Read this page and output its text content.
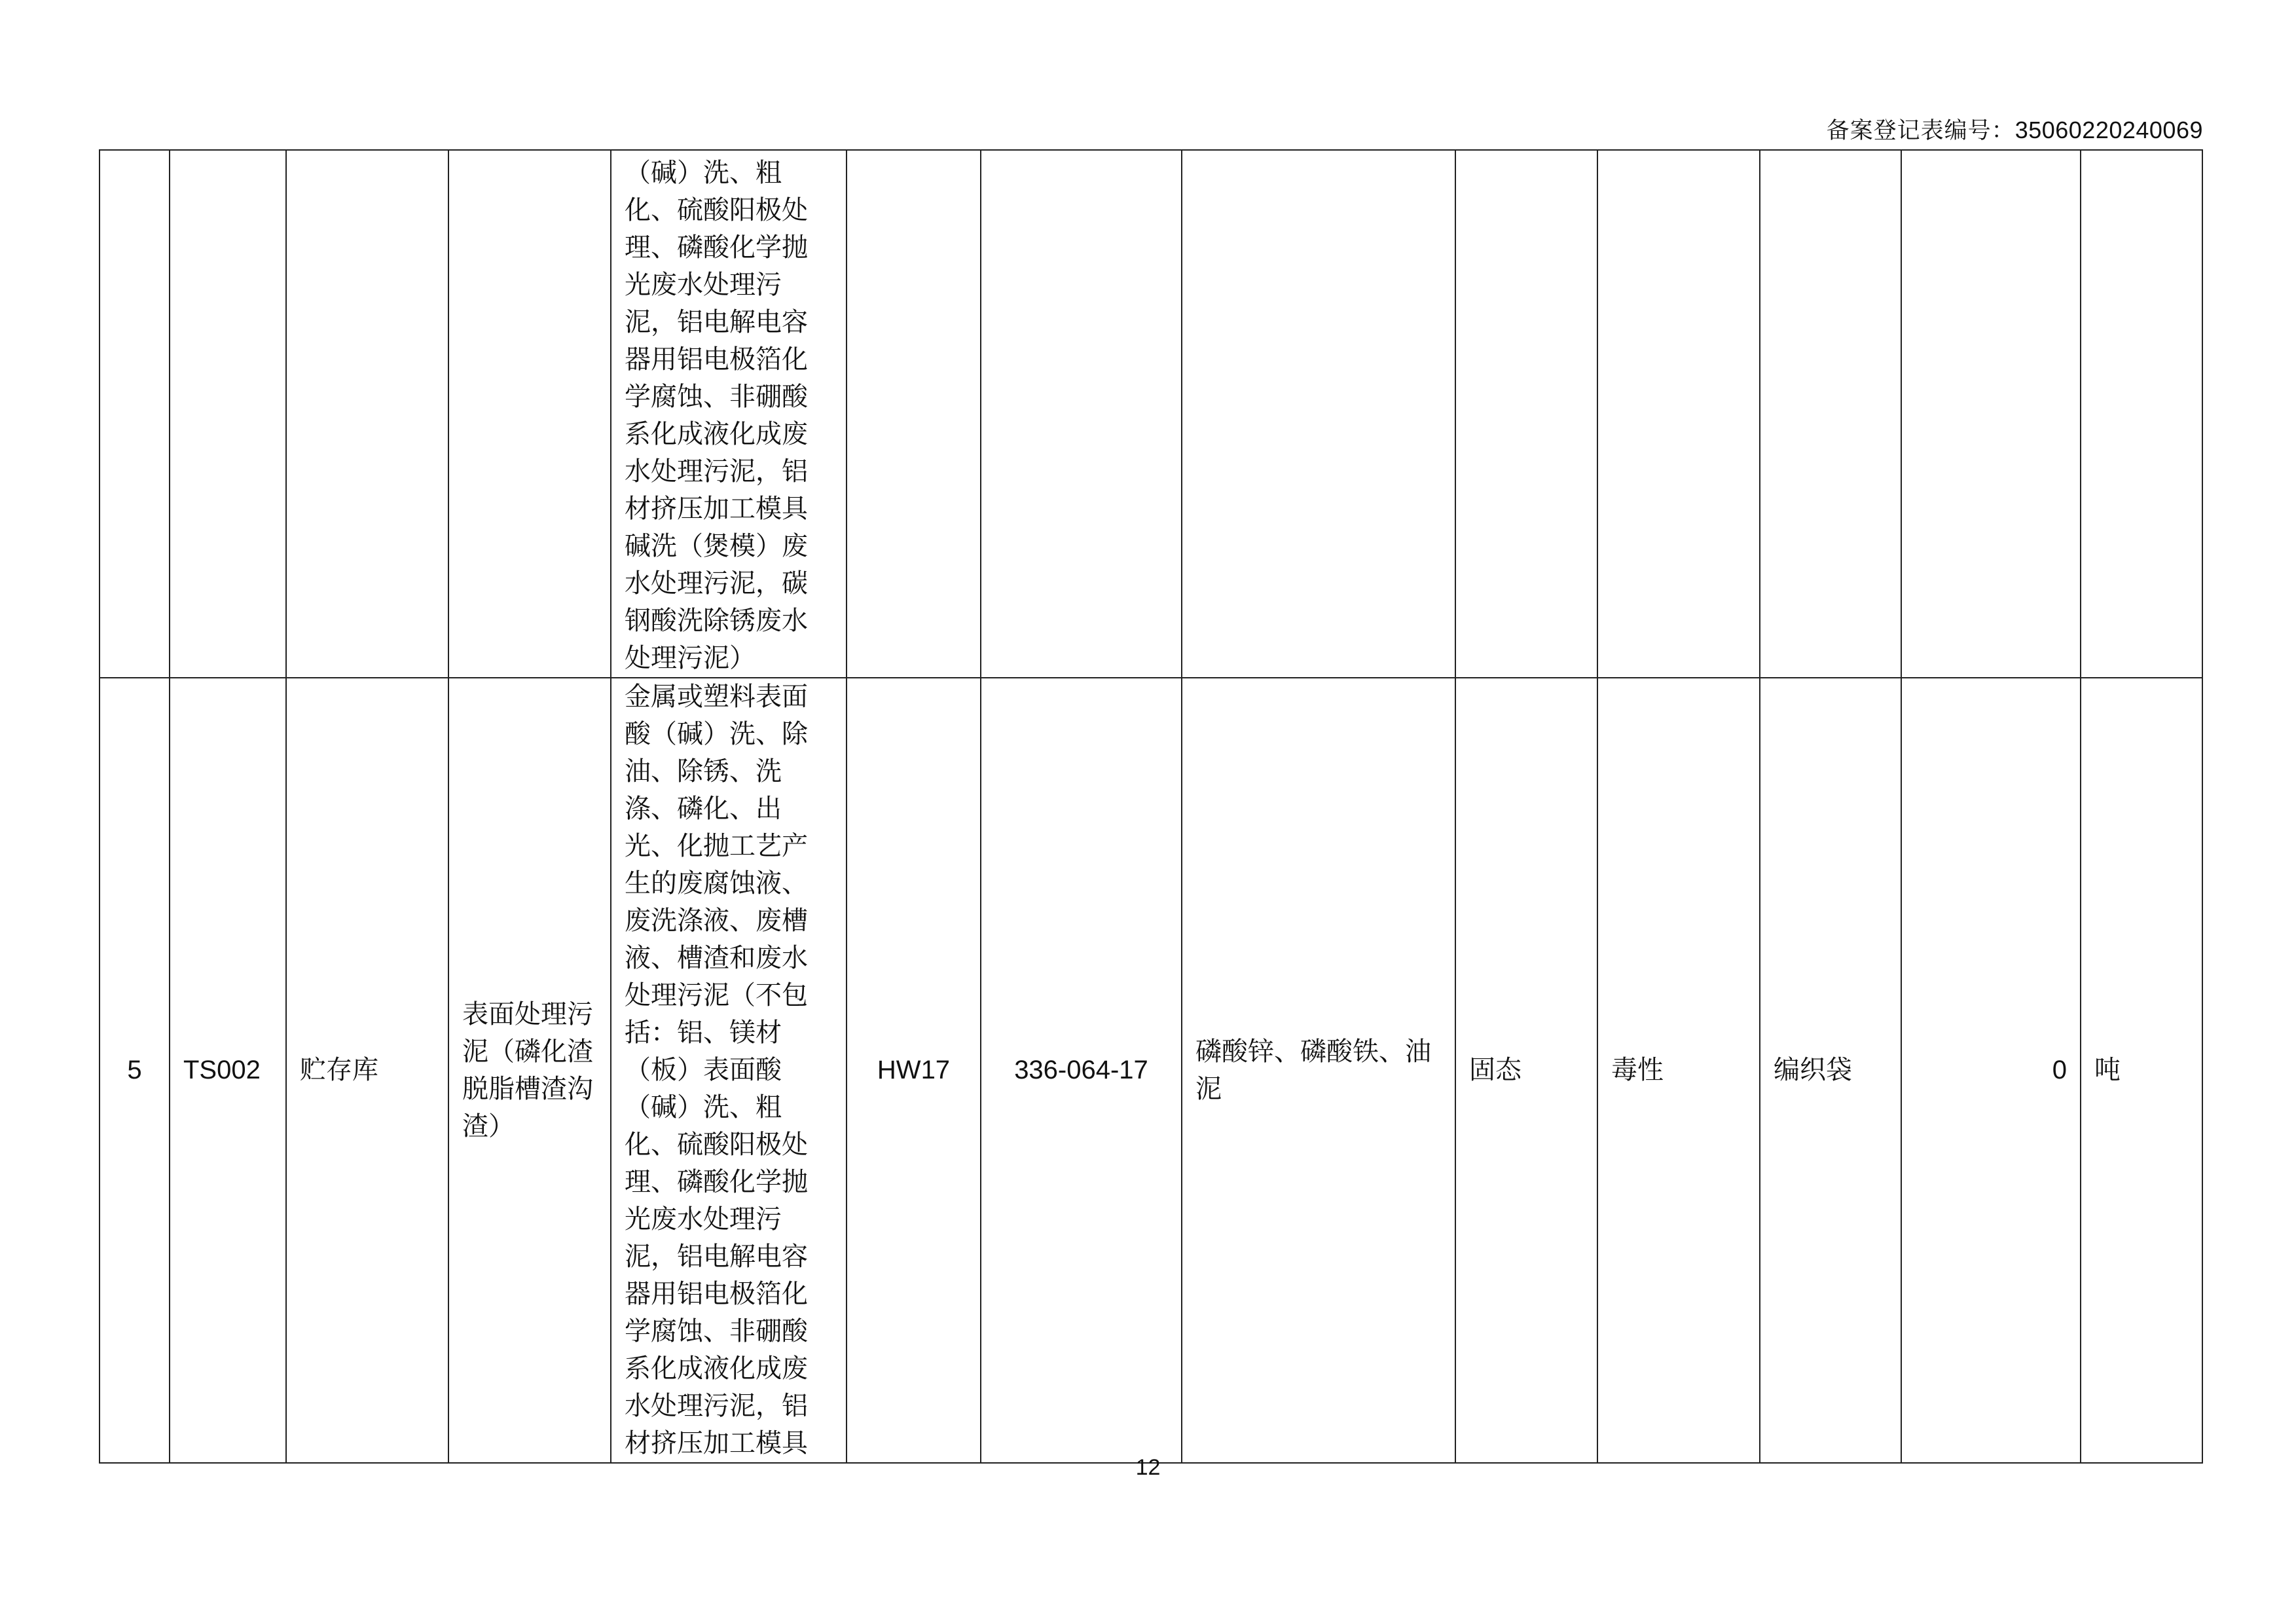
备案登记表编号：35060220240069
				（碱）洗、粗化、硫酸阳极处理、磷酸化学抛光废水处理污泥，铝电解电容器用铝电极箔化学腐蚀、非硼酸系化成液化成废水处理污泥，铝材挤压加工模具碱洗（煲模）废水处理污泥，碳钢酸洗除锈废水处理污泥）								
5	TS002	贮存库	表面处理污泥（磷化渣脱脂槽渣沟渣）	金属或塑料表面酸（碱）洗、除油、除锈、洗涤、磷化、出光、化抛工艺产生的废腐蚀液、废洗涤液、废槽液、槽渣和废水处理污泥（不包括：铝、镁材（板）表面酸（碱）洗、粗化、硫酸阳极处理、磷酸化学抛光废水处理污泥，铝电解电容器用铝电极箔化学腐蚀、非硼酸系化成液化成废水处理污泥，铝材挤压加工模具	HW17	336-064-17	磷酸锌、磷酸铁、油泥	固态	毒性	编织袋	0	吨
12
